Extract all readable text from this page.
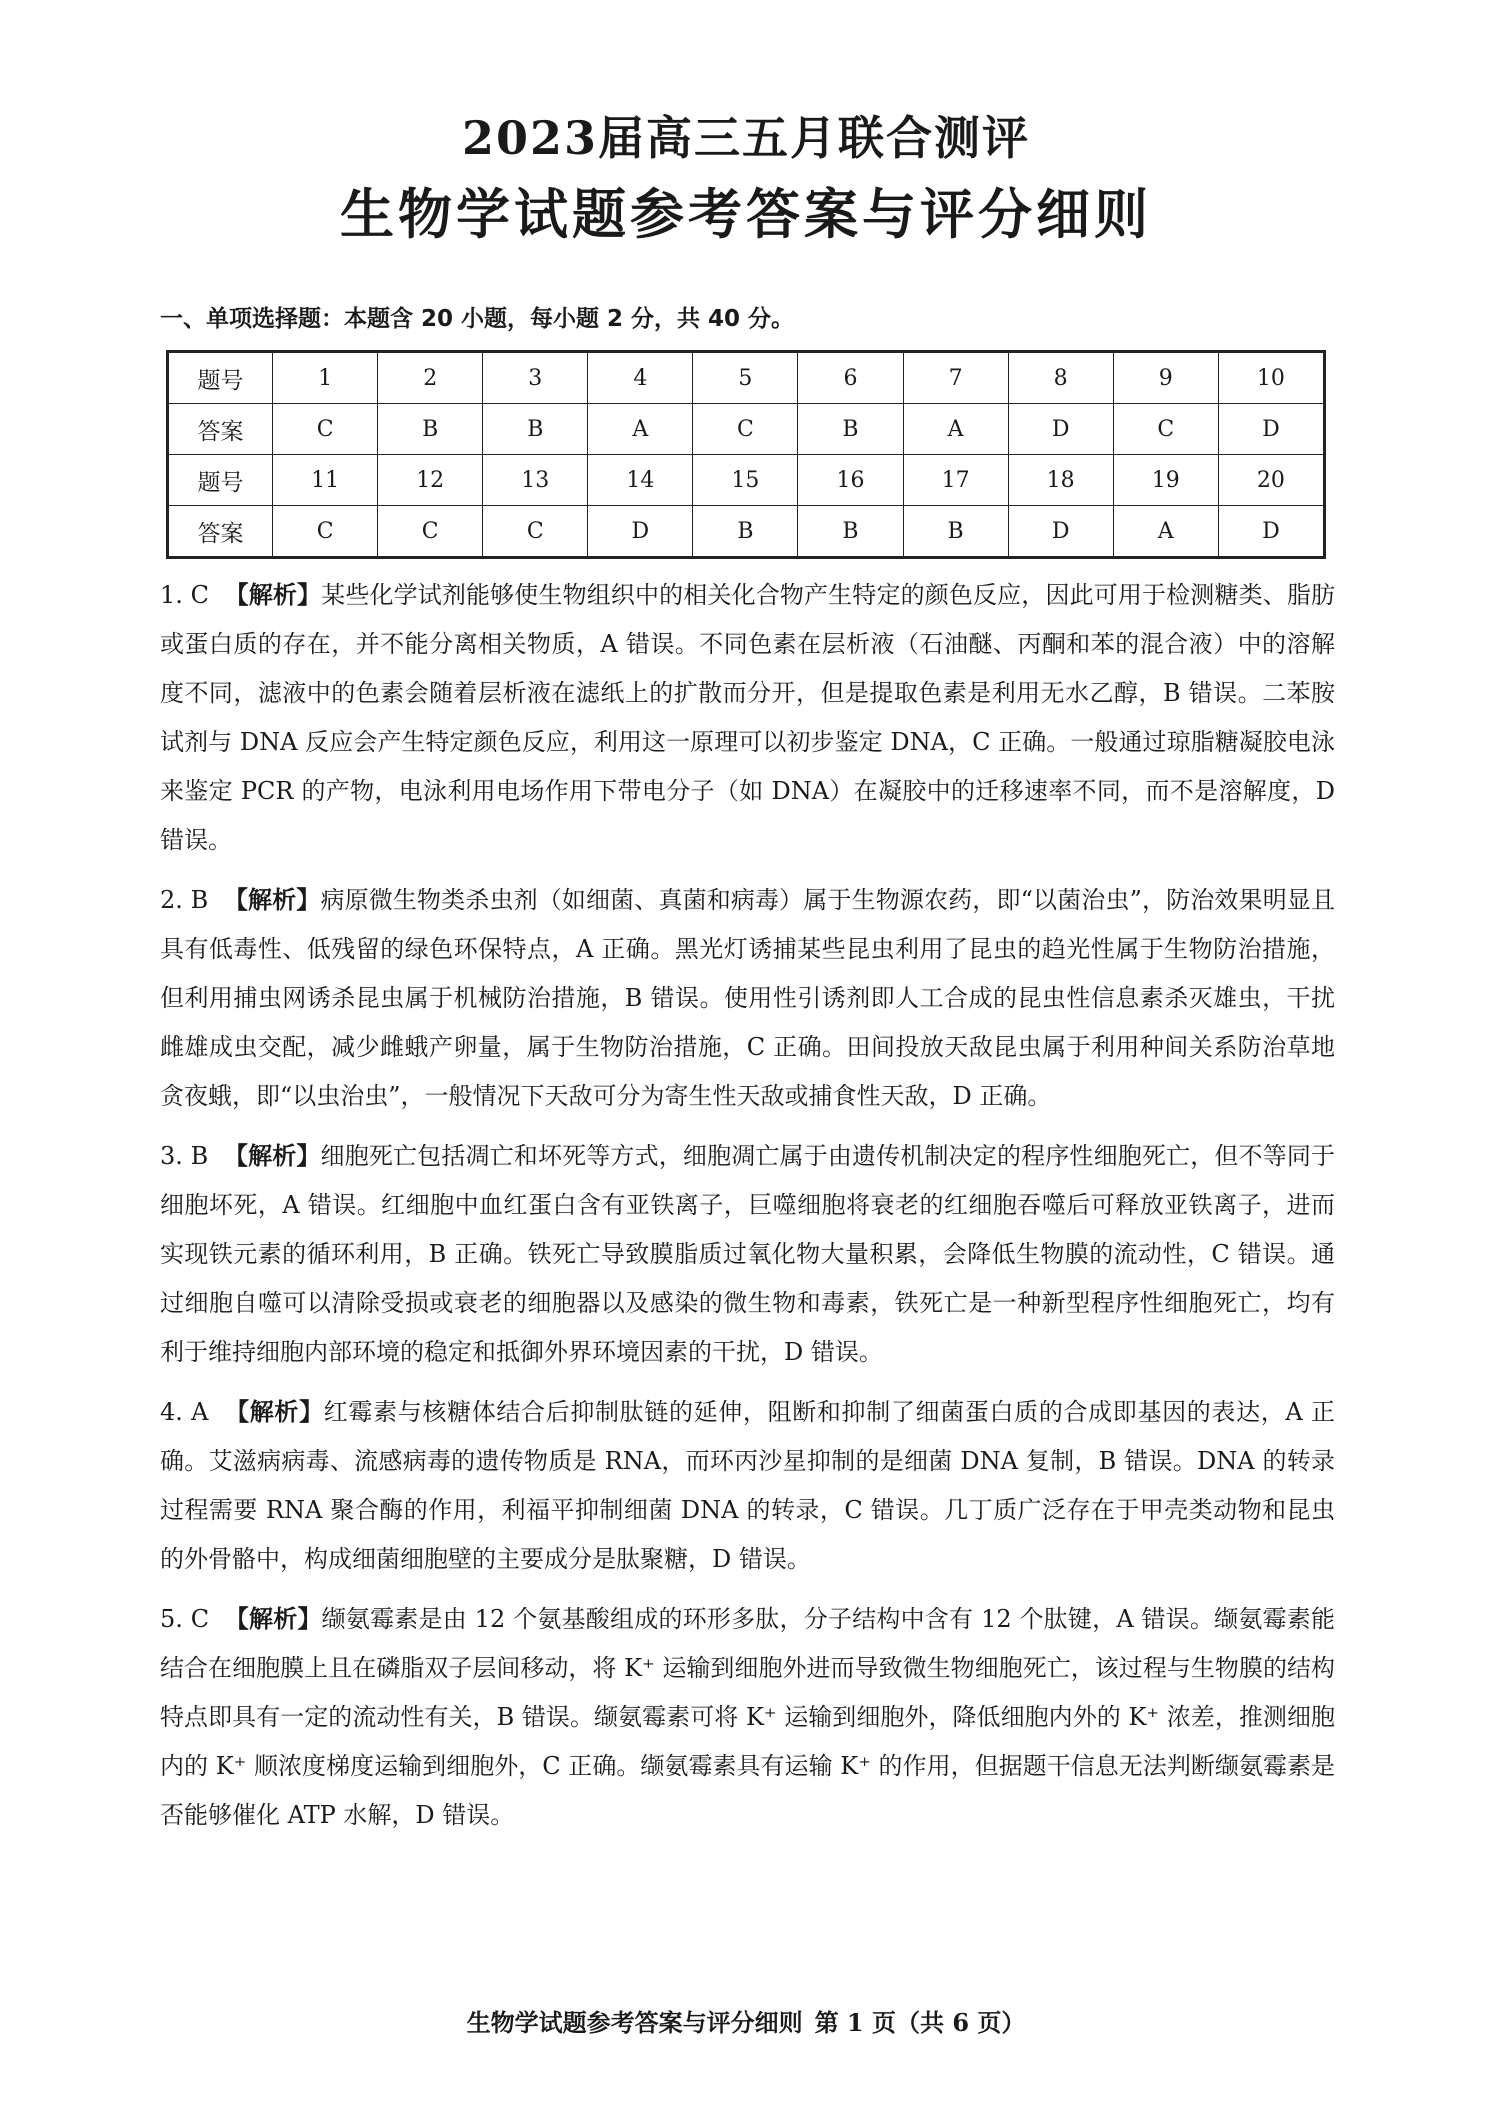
2023届高三五月联合测评
生物学试题参考答案与评分细则
一、单项选择题：本题含 20 小题，每小题 2 分，共 40 分。
题号	1	2	3	4	5	6	7	8	9	10
答案	C	B	B	A	C	B	A	D	C	D
题号	11	12	13	14	15	16	17	18	19	20
答案	C	C	C	D	B	B	B	D	A	D

1. C 【解析】某些化学试剂能够使生物组织中的相关化合物产生特定的颜色反应，因此可用于检测糖类、脂肪或蛋白质的存在，并不能分离相关物质，A 错误。不同色素在层析液（石油醚、丙酮和苯的混合液）中的溶解度不同，滤液中的色素会随着层析液在滤纸上的扩散而分开，但是提取色素是利用无水乙醇，B 错误。二苯胺试剂与 DNA 反应会产生特定颜色反应，利用这一原理可以初步鉴定 DNA，C 正确。一般通过琼脂糖凝胶电泳来鉴定 PCR 的产物，电泳利用电场作用下带电分子（如 DNA）在凝胶中的迁移速率不同，而不是溶解度，D 错误。

2. B 【解析】病原微生物类杀虫剂（如细菌、真菌和病毒）属于生物源农药，即“以菌治虫”，防治效果明显且具有低毒性、低残留的绿色环保特点，A 正确。黑光灯诱捕某些昆虫利用了昆虫的趋光性属于生物防治措施，但利用捕虫网诱杀昆虫属于机械防治措施，B 错误。使用性引诱剂即人工合成的昆虫性信息素杀灭雄虫，干扰雌雄成虫交配，减少雌蛾产卵量，属于生物防治措施，C 正确。田间投放天敌昆虫属于利用种间关系防治草地贪夜蛾，即“以虫治虫”，一般情况下天敌可分为寄生性天敌或捕食性天敌，D 正确。

3. B 【解析】细胞死亡包括凋亡和坏死等方式，细胞凋亡属于由遗传机制决定的程序性细胞死亡，但不等同于细胞坏死，A 错误。红细胞中血红蛋白含有亚铁离子，巨噬细胞将衰老的红细胞吞噬后可释放亚铁离子，进而实现铁元素的循环利用，B 正确。铁死亡导致膜脂质过氧化物大量积累，会降低生物膜的流动性，C 错误。通过细胞自噬可以清除受损或衰老的细胞器以及感染的微生物和毒素，铁死亡是一种新型程序性细胞死亡，均有利于维持细胞内部环境的稳定和抵御外界环境因素的干扰，D 错误。

4. A 【解析】红霉素与核糖体结合后抑制肽链的延伸，阻断和抑制了细菌蛋白质的合成即基因的表达，A 正确。艾滋病病毒、流感病毒的遗传物质是 RNA，而环丙沙星抑制的是细菌 DNA 复制，B 错误。DNA 的转录过程需要 RNA 聚合酶的作用，利福平抑制细菌 DNA 的转录，C 错误。几丁质广泛存在于甲壳类动物和昆虫的外骨骼中，构成细菌细胞壁的主要成分是肽聚糖，D 错误。

5. C 【解析】缬氨霉素是由 12 个氨基酸组成的环形多肽，分子结构中含有 12 个肽键，A 错误。缬氨霉素能结合在细胞膜上且在磷脂双子层间移动，将 K⁺ 运输到细胞外进而导致微生物细胞死亡，该过程与生物膜的结构特点即具有一定的流动性有关，B 错误。缬氨霉素可将 K⁺ 运输到细胞外，降低细胞内外的 K⁺ 浓差，推测细胞内的 K⁺ 顺浓度梯度运输到细胞外，C 正确。缬氨霉素具有运输 K⁺ 的作用，但据题干信息无法判断缬氨霉素是否能够催化 ATP 水解，D 错误。

生物学试题参考答案与评分细则 第 1 页（共 6 页）
